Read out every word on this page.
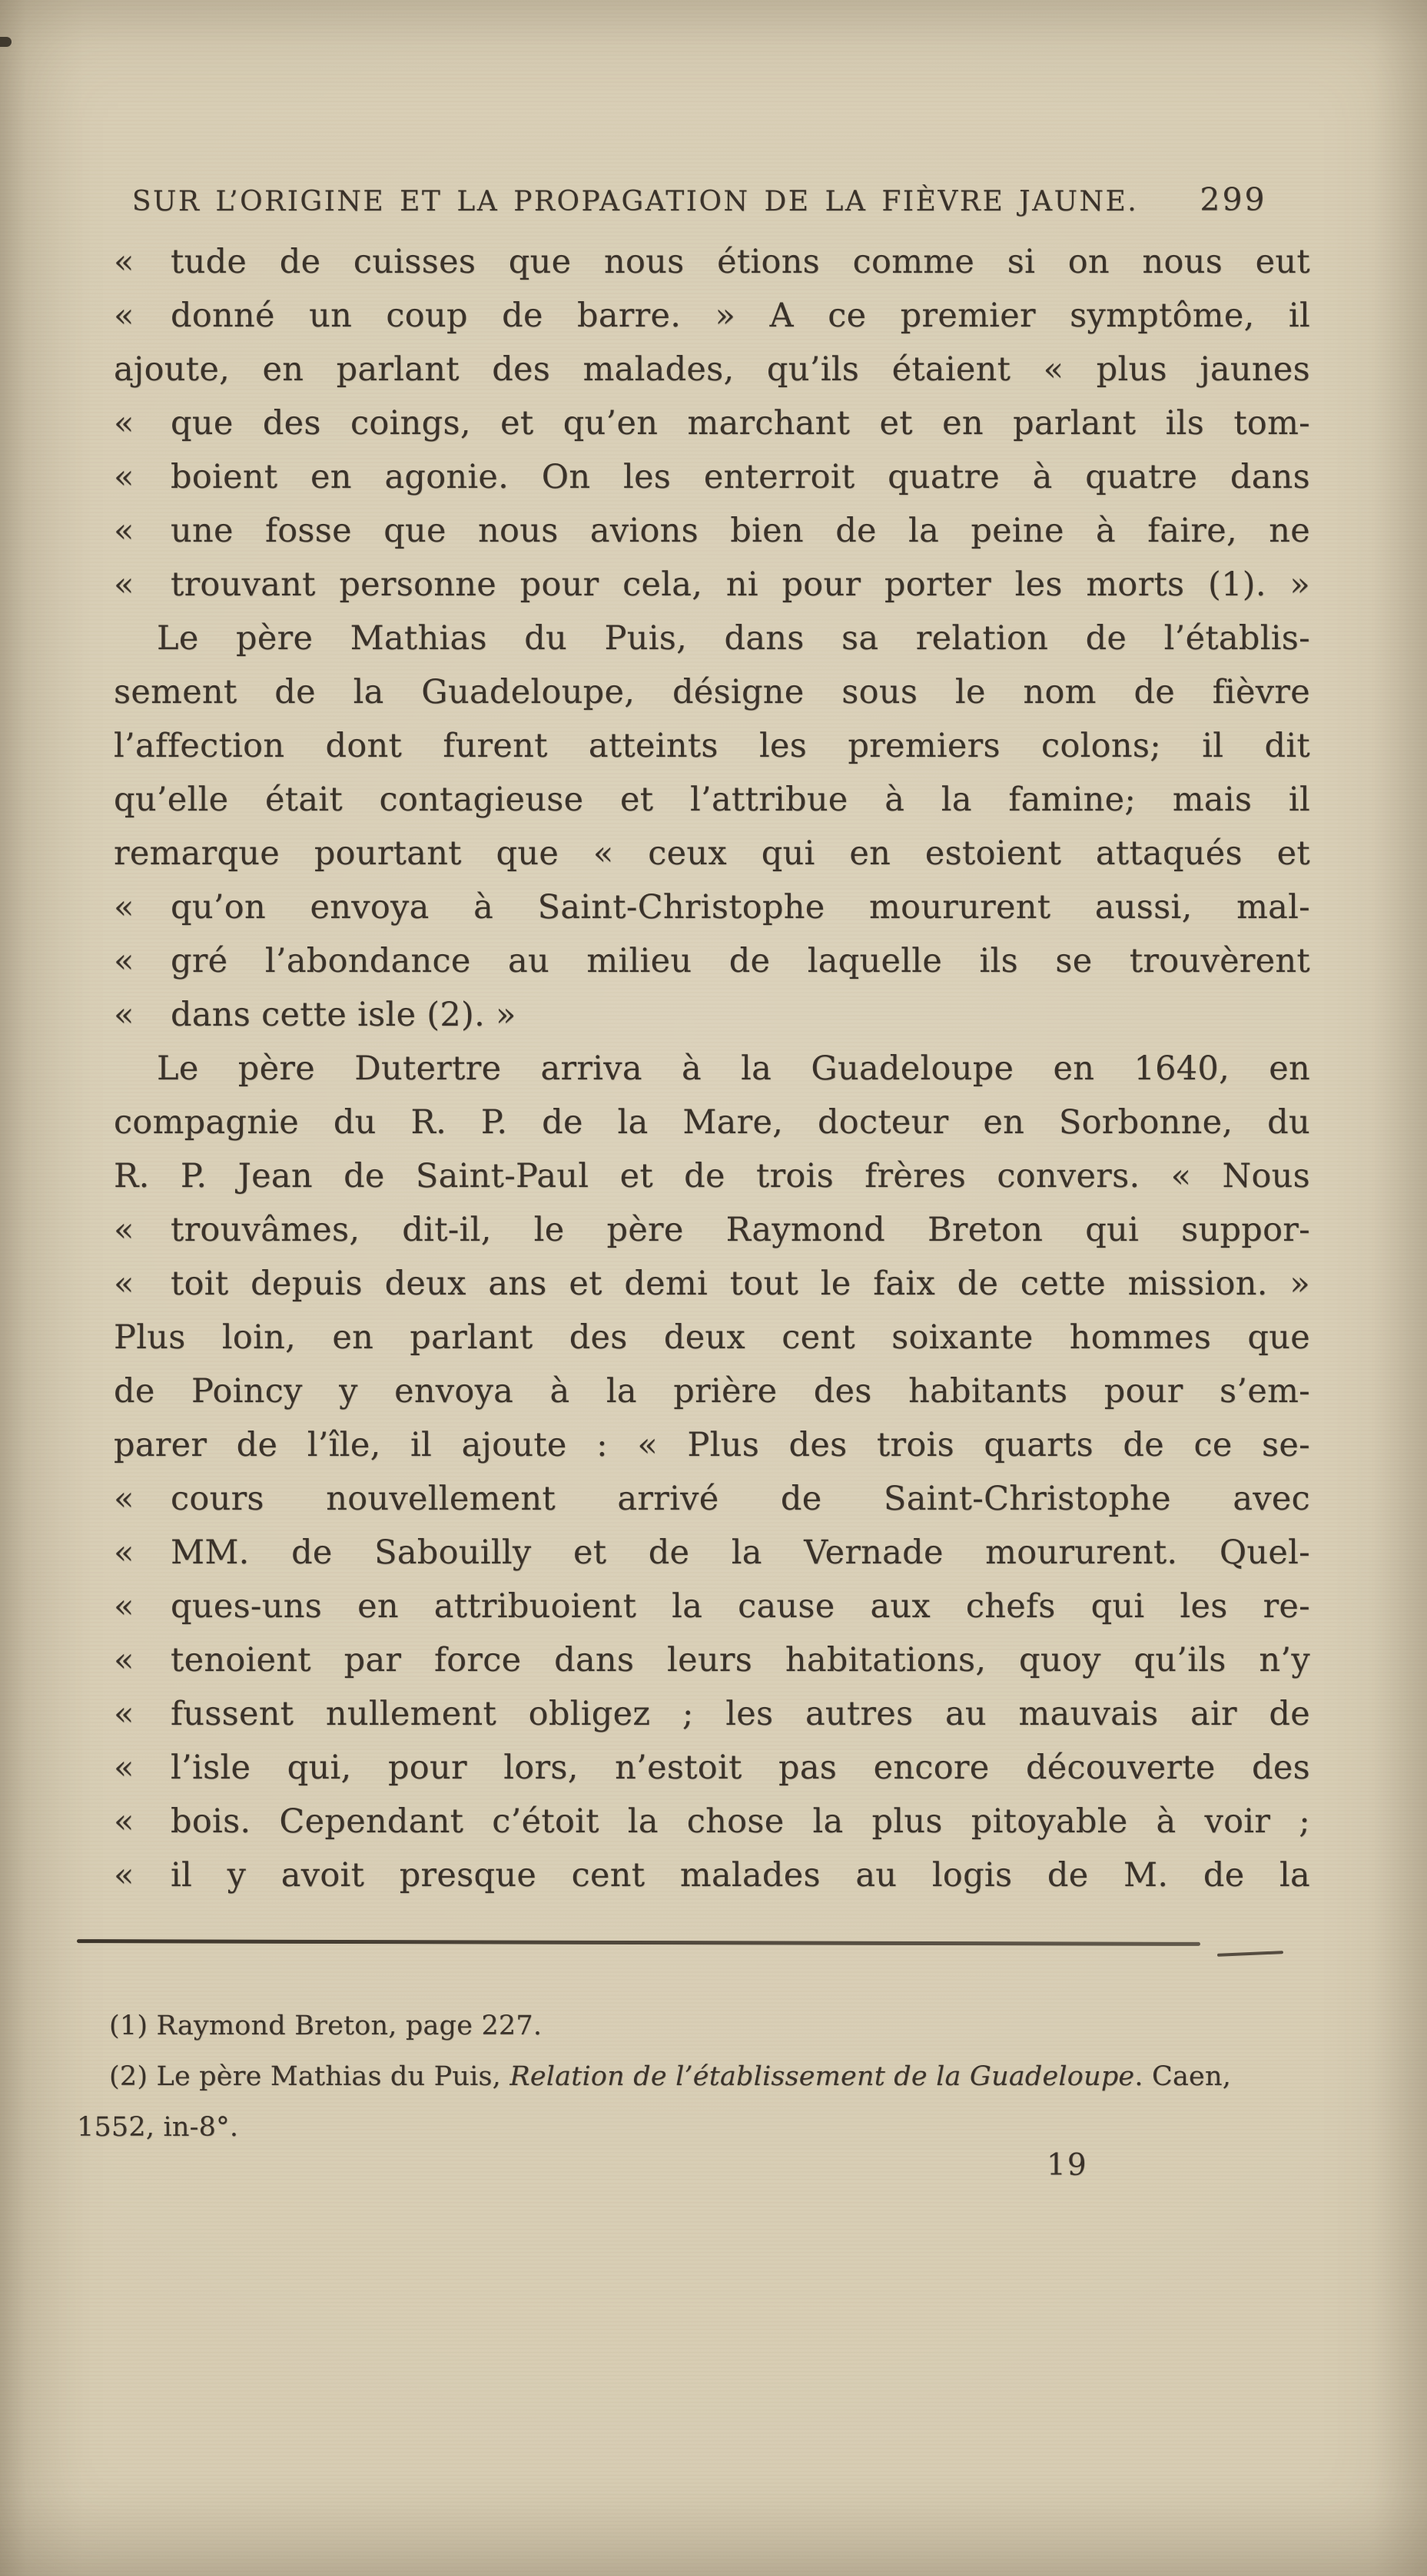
SUR L’ORIGINE ET LA PROPAGATION DE LA FIÈVRE JAUNE.	299
« tude de cuisses que nous étions comme si on nous eut
« donné un coup de barre. » A ce premier symptôme, il
ajoute, en parlant des malades, qu’ils étaient « plus jaunes
« que des coings, et qu’en marchant et en parlant ils tom-
« boient en agonie. On les enterroit quatre à quatre dans
« une fosse que nous avions bien de la peine à faire, ne
« trouvant personne pour cela, ni pour porter les morts (1). »
Le père Mathias du Puis, dans sa relation de l’établis-
sement de la Guadeloupe, désigne sous le nom de fièvre
l’affection dont furent atteints les premiers colons; il dit
qu’elle était contagieuse et l’attribue à la famine; mais il
remarque pourtant que « ceux qui en estoient attaqués et
« qu’on envoya à Saint-Christophe moururent aussi, mal-
« gré l’abondance au milieu de laquelle ils se trouvèrent
« dans cette isle (2). »
Le père Dutertre arriva à la Guadeloupe en 1640, en
compagnie du R. P. de la Mare, docteur en Sorbonne, du
R. P. Jean de Saint-Paul et de trois frères convers. « Nous
« trouvâmes, dit-il, le père Raymond Breton qui suppor-
« toit depuis deux ans et demi tout le faix de cette mission. »
Plus loin, en parlant des deux cent soixante hommes que
de Poincy y envoya à la prière des habitants pour s’em-
parer de l’île, il ajoute : « Plus des trois quarts de ce se-
« cours nouvellement arrivé de Saint-Christophe avec
« MM. de Sabouilly et de la Vernade moururent. Quel-
« ques-uns en attribuoient la cause aux chefs qui les re-
« tenoient par force dans leurs habitations, quoy qu’ils n’y
« fussent nullement obligez ; les autres au mauvais air de
« l’isle qui, pour lors, n’estoit pas encore découverte des
« bois. Cependant c’étoit la chose la plus pitoyable à voir ;
« il y avoit presque cent malades au logis de M. de la
(1) Raymond Breton, page 227.
(2) Le père Mathias du Puis, Relation de l’établissement de la Guadeloupe. Caen,
1552, in-8°.
19
